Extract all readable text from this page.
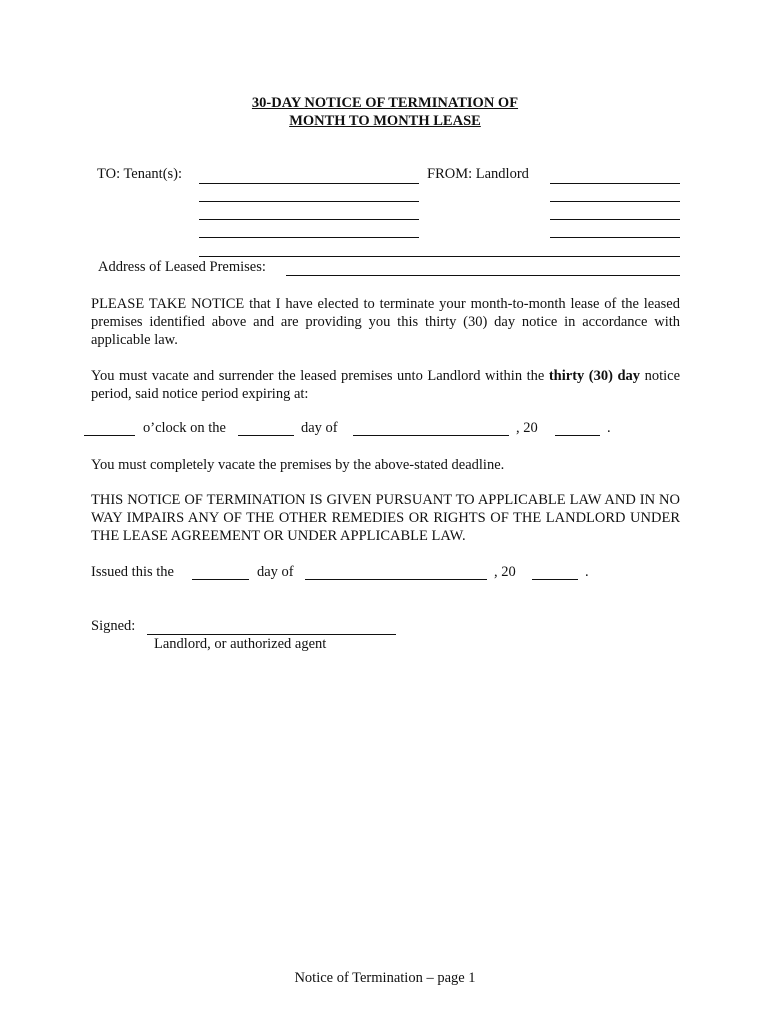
30-DAY NOTICE OF TERMINATION OF
MONTH TO MONTH LEASE
TO: Tenant(s):	FROM: Landlord
Address of Leased Premises:
PLEASE TAKE NOTICE that I have elected to terminate your month-to-month lease of the leased premises identified above and are providing you this thirty (30) day notice in accordance with applicable law.
You must vacate and surrender the leased premises unto Landlord within the thirty (30) day notice period, said notice period expiring at:
o’clock on the	day of	, 20	.
You must completely vacate the premises by the above-stated deadline.
THIS NOTICE OF TERMINATION IS GIVEN PURSUANT TO APPLICABLE LAW AND IN NO WAY IMPAIRS ANY OF THE OTHER REMEDIES OR RIGHTS OF THE LANDLORD UNDER THE LEASE AGREEMENT OR UNDER APPLICABLE LAW.
Issued this the	day of	, 20	.
Signed:
Landlord, or authorized agent
Notice of Termination – page 1
